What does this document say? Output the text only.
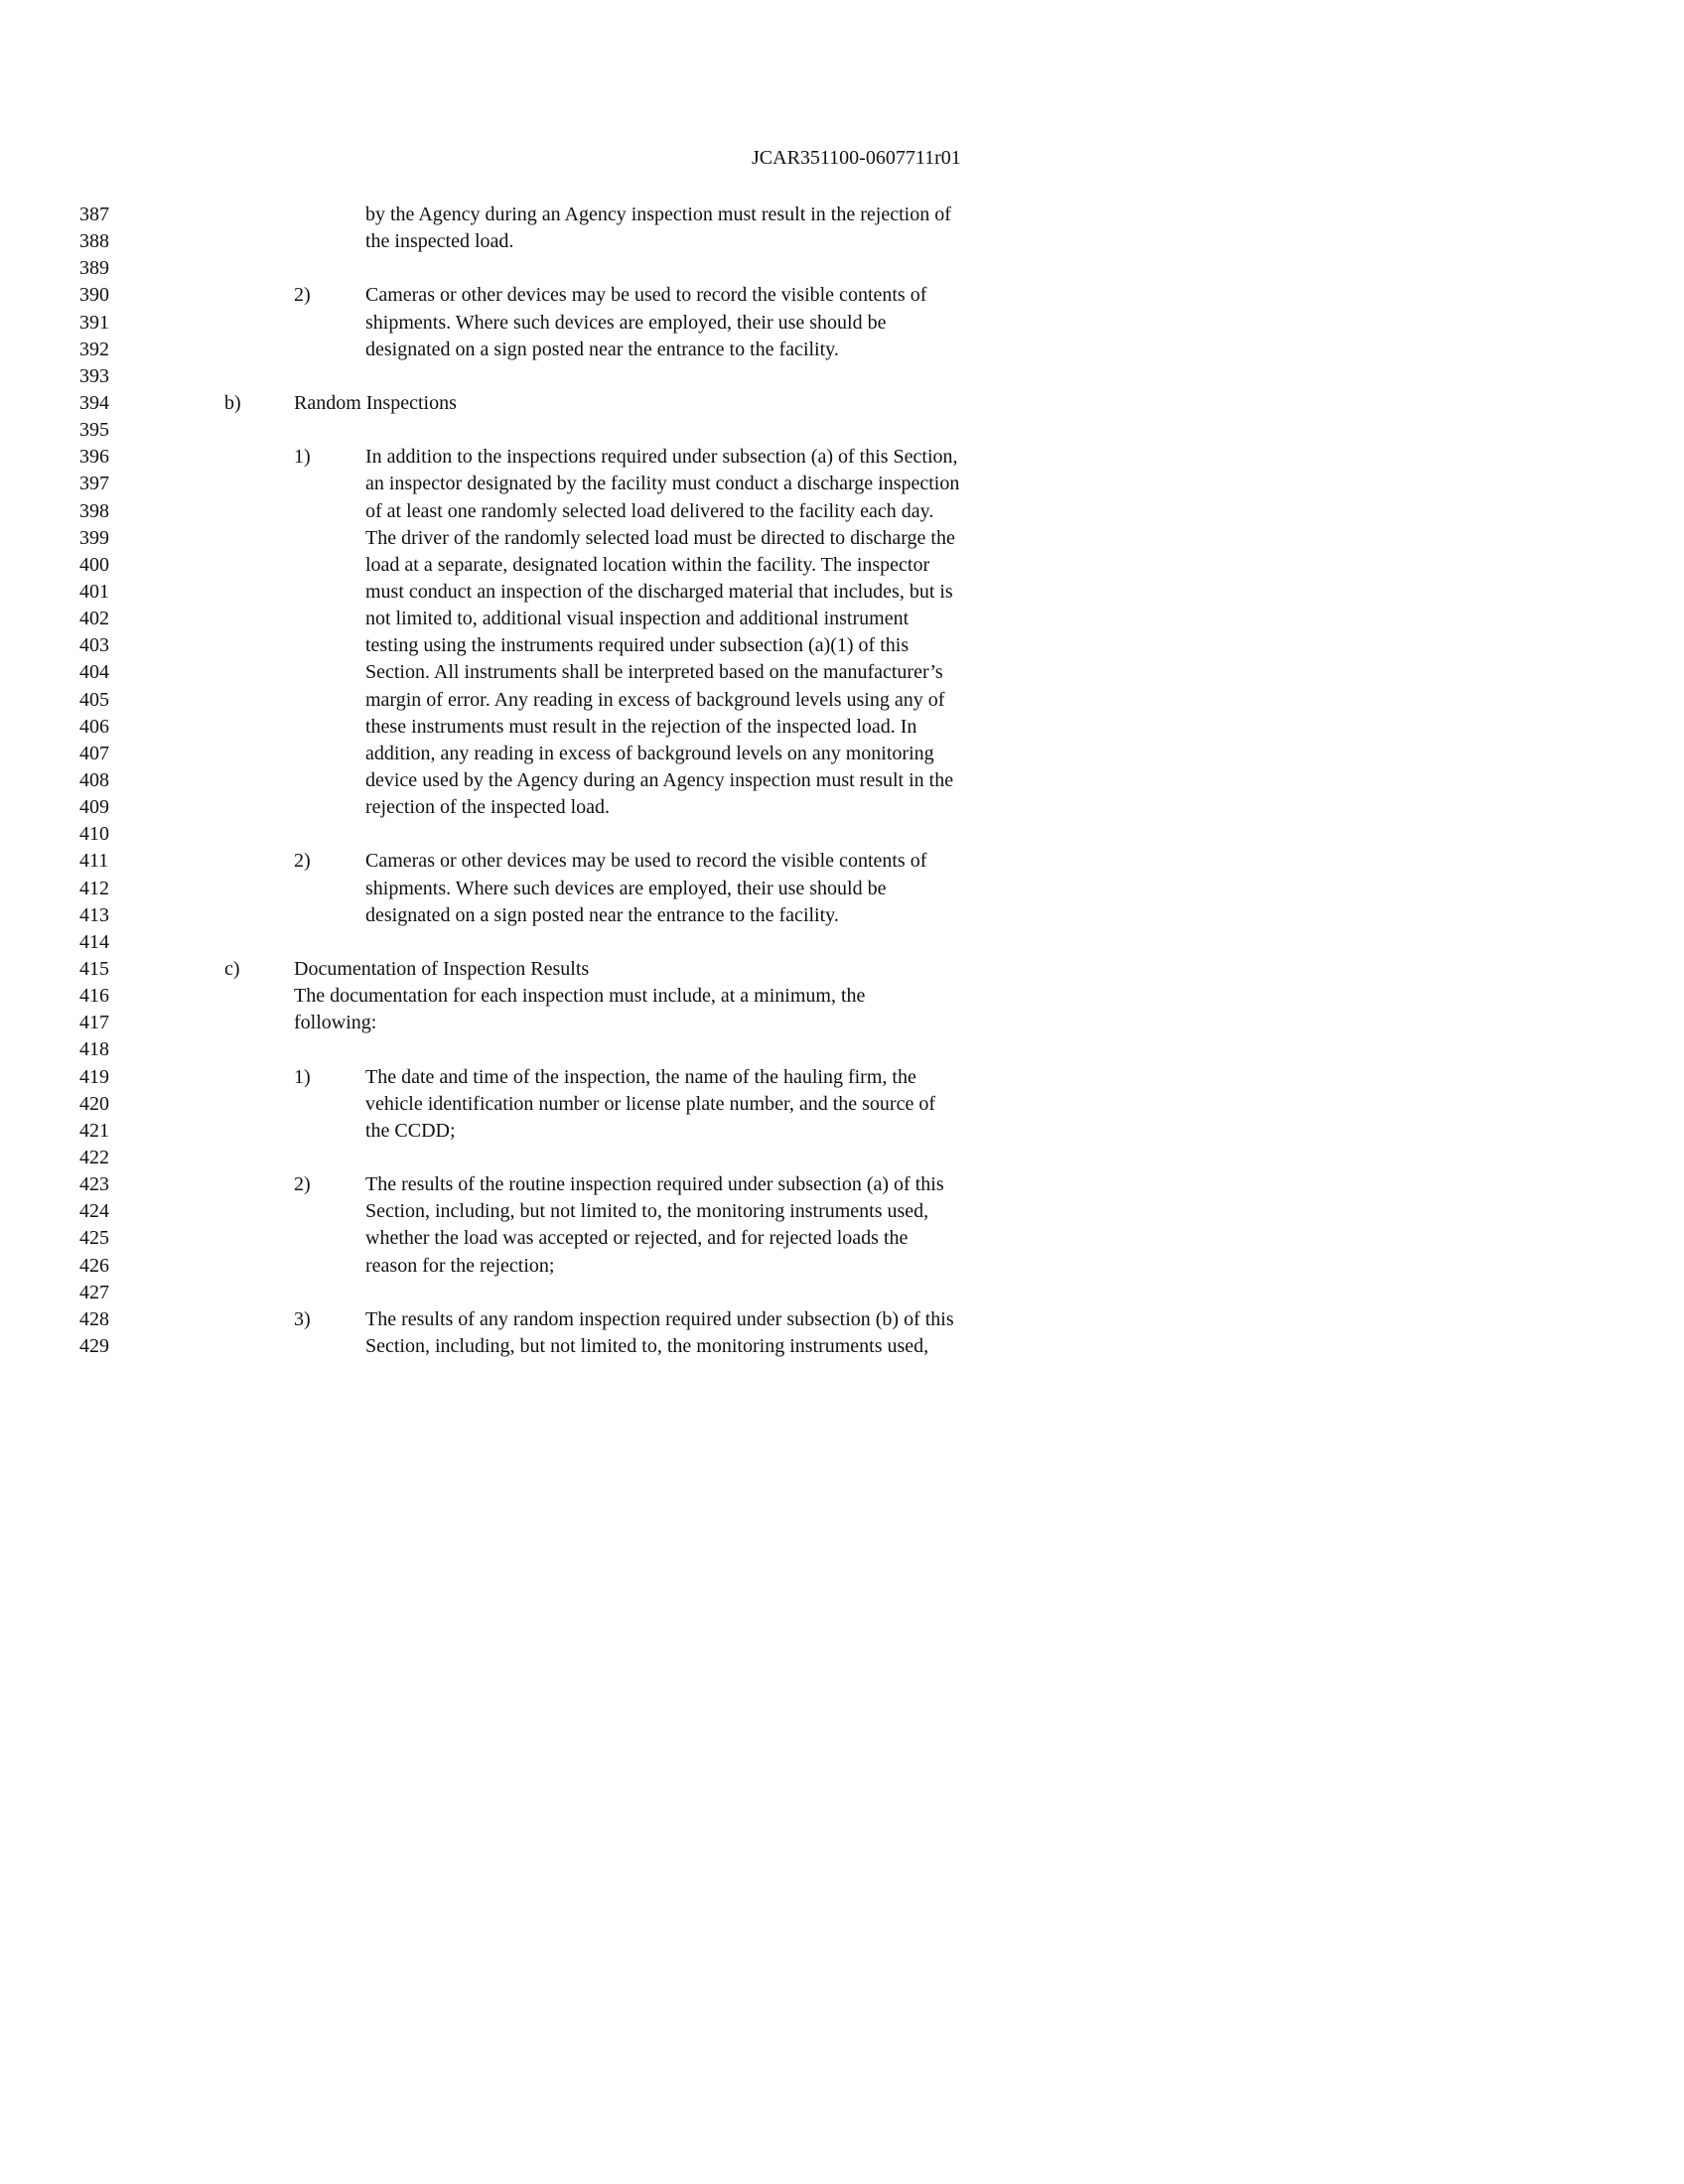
JCAR351100-0607711r01
387	by the Agency during an Agency inspection must result in the rejection of
388	the inspected load.
389
390	2)	Cameras or other devices may be used to record the visible contents of
391	shipments. Where such devices are employed, their use should be
392	designated on a sign posted near the entrance to the facility.
393
394	b)	Random Inspections
395
396	1)	In addition to the inspections required under subsection (a) of this Section,
397	an inspector designated by the facility must conduct a discharge inspection
398	of at least one randomly selected load delivered to the facility each day.
399	The driver of the randomly selected load must be directed to discharge the
400	load at a separate, designated location within the facility. The inspector
401	must conduct an inspection of the discharged material that includes, but is
402	not limited to, additional visual inspection and additional instrument
403	testing using the instruments required under subsection (a)(1) of this
404	Section. All instruments shall be interpreted based on the manufacturer’s
405	margin of error. Any reading in excess of background levels using any of
406	these instruments must result in the rejection of the inspected load. In
407	addition, any reading in excess of background levels on any monitoring
408	device used by the Agency during an Agency inspection must result in the
409	rejection of the inspected load.
410
411	2)	Cameras or other devices may be used to record the visible contents of
412	shipments. Where such devices are employed, their use should be
413	designated on a sign posted near the entrance to the facility.
414
415	c)	Documentation of Inspection Results
416	The documentation for each inspection must include, at a minimum, the
417	following:
418
419	1)	The date and time of the inspection, the name of the hauling firm, the
420	vehicle identification number or license plate number, and the source of
421	the CCDD;
422
423	2)	The results of the routine inspection required under subsection (a) of this
424	Section, including, but not limited to, the monitoring instruments used,
425	whether the load was accepted or rejected, and for rejected loads the
426	reason for the rejection;
427
428	3)	The results of any random inspection required under subsection (b) of this
429	Section, including, but not limited to, the monitoring instruments used,
